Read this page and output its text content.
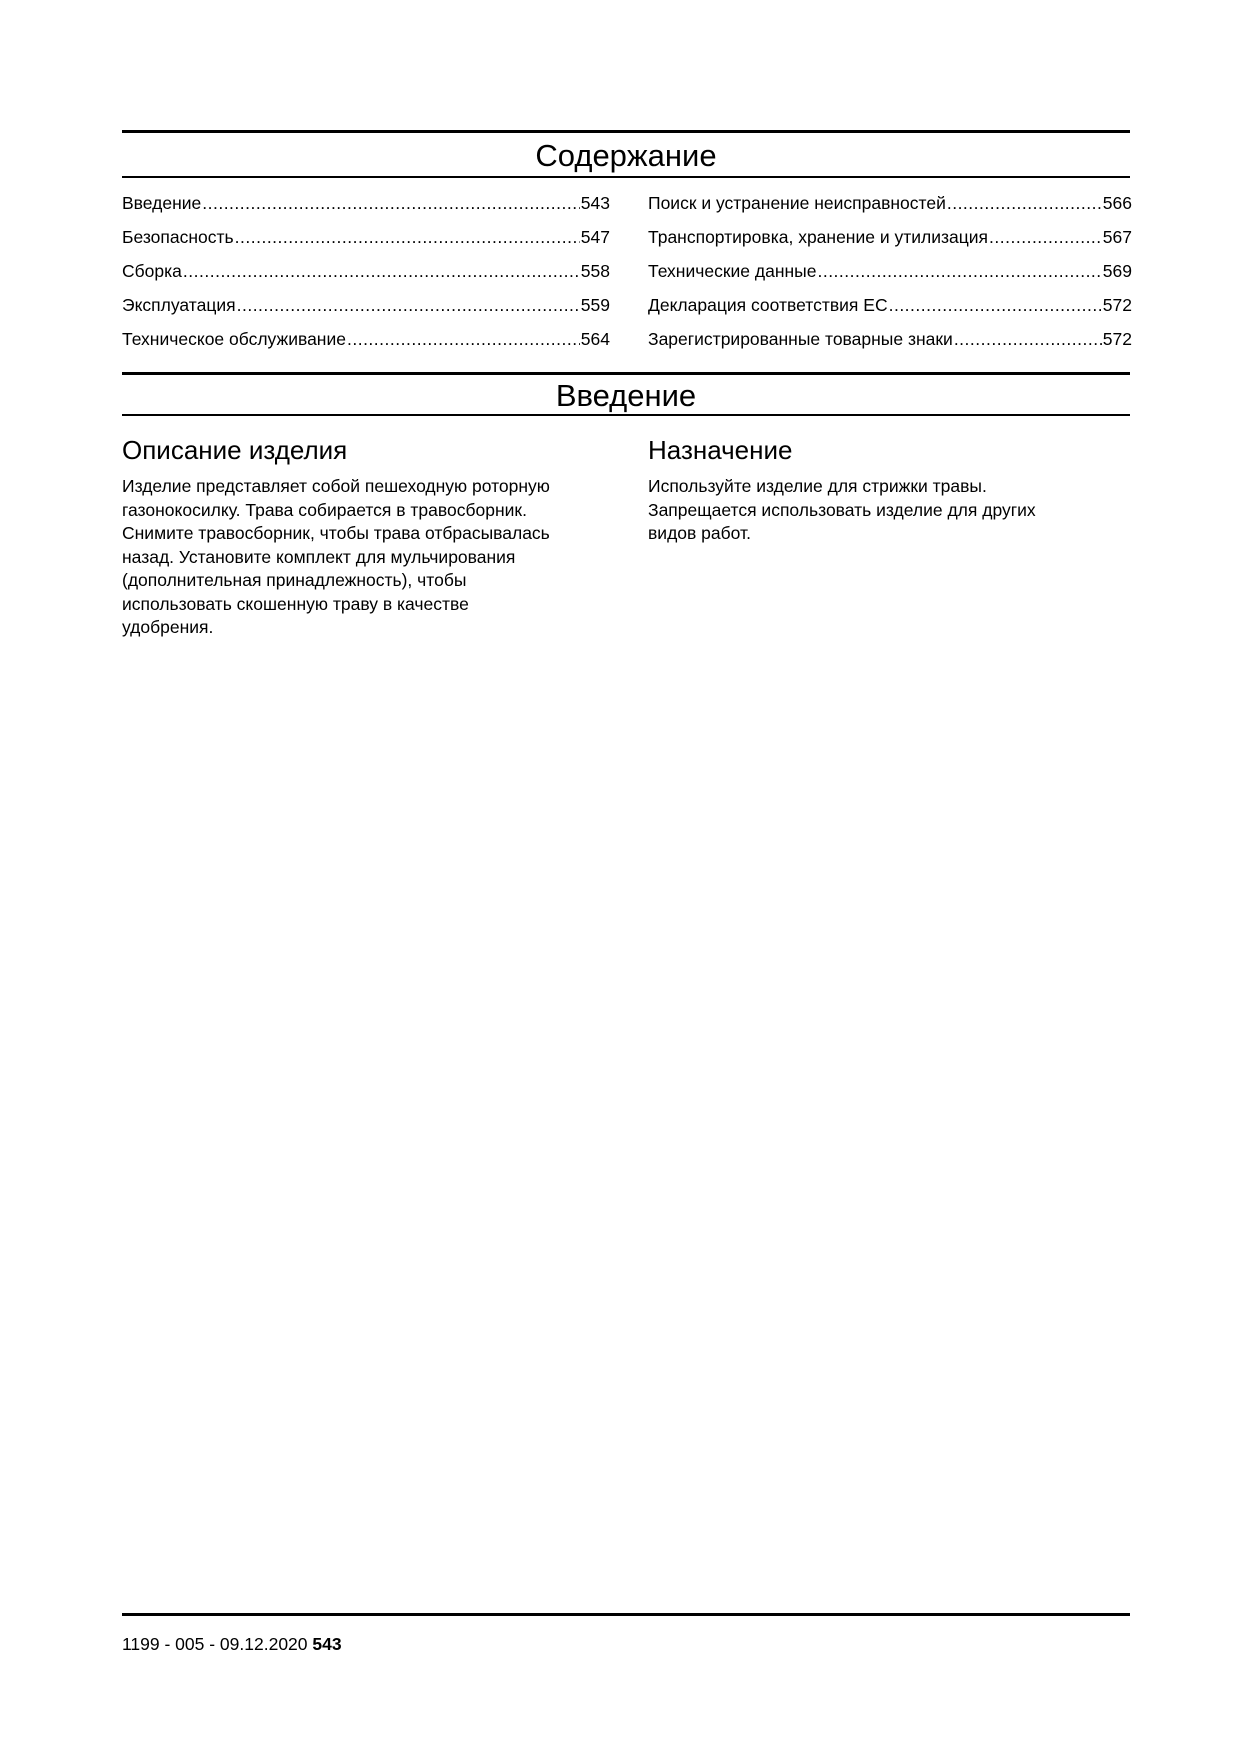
Содержание
Введение .....	543
Безопасность .....	547
Сборка .....	558
Эксплуатация .....	559
Техническое обслуживание .....	564
Поиск и устранение неисправностей .....	566
Транспортировка, хранение и утилизация .....	567
Технические данные .....	569
Декларация соответствия ЕС .....	572
Зарегистрированные товарные знаки .....	572
Введение
Описание изделия
Изделие представляет собой пешеходную роторную
газонокосилку. Трава собирается в травосборник.
Снимите травосборник, чтобы трава отбрасывалась
назад. Установите комплект для мульчирования
(дополнительная принадлежность), чтобы
использовать скошенную траву в качестве
удобрения.
Назначение
Используйте изделие для стрижки травы.
Запрещается использовать изделие для других
видов работ.
1199 - 005 - 09.12.2020 543
